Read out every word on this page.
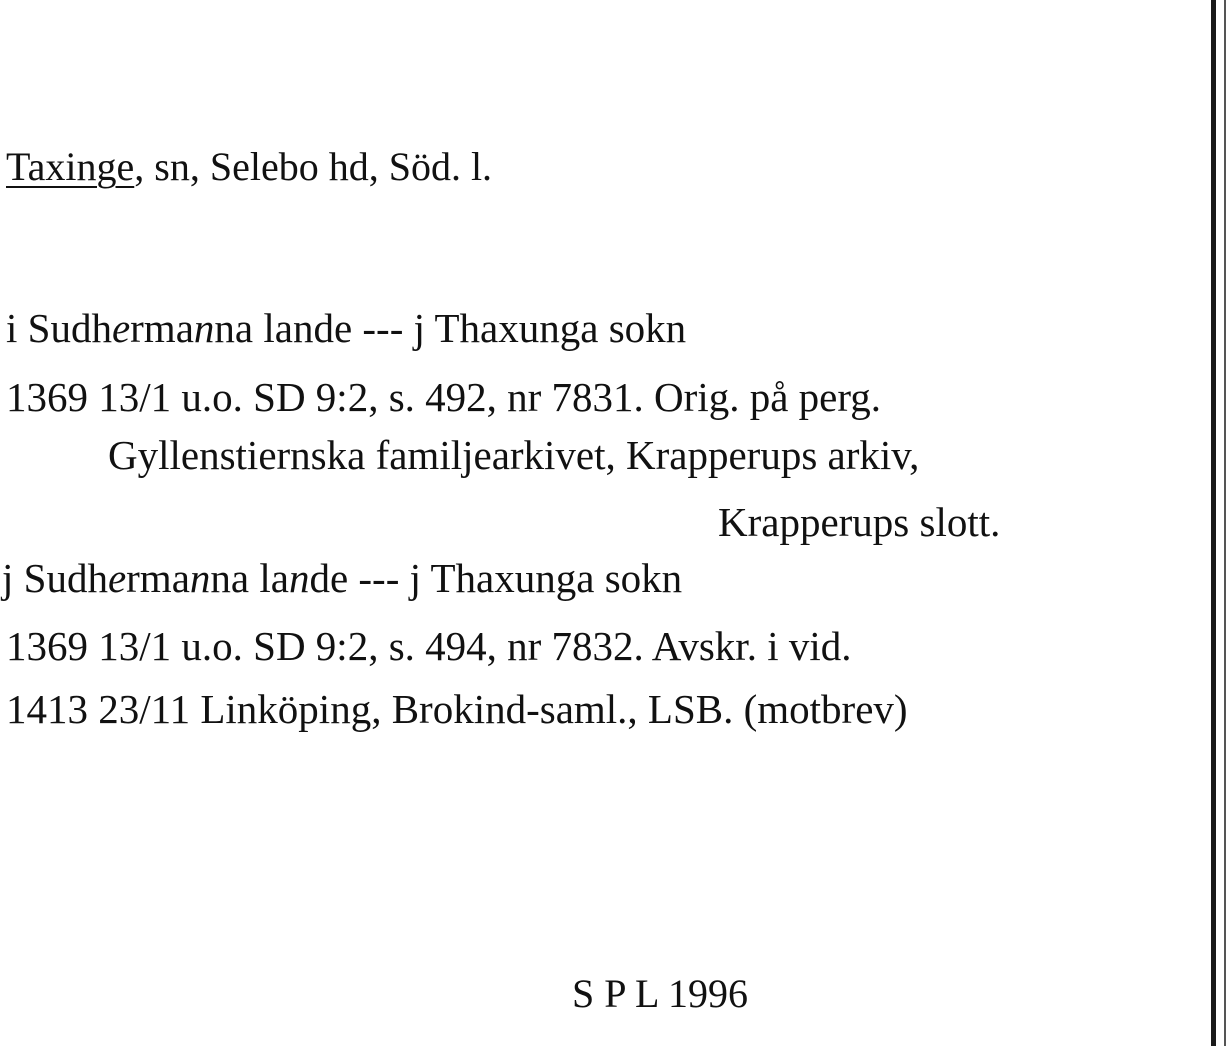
Taxinge, sn, Selebo hd, Söd. l.
i Sudhermanna lande --- j Thaxunga sokn
1369 13/1 u.o. SD 9:2, s. 492, nr 7831. Orig. på perg.
Gyllenstiernska familjearkivet, Krapperups arkiv,
Krapperups slott.
j Sudhermanna lande --- j Thaxunga sokn
1369 13/1 u.o. SD 9:2, s. 494, nr 7832. Avskr. i vid.
1413 23/11 Linköping, Brokind-saml., LSB. (motbrev)
S P L 1996
